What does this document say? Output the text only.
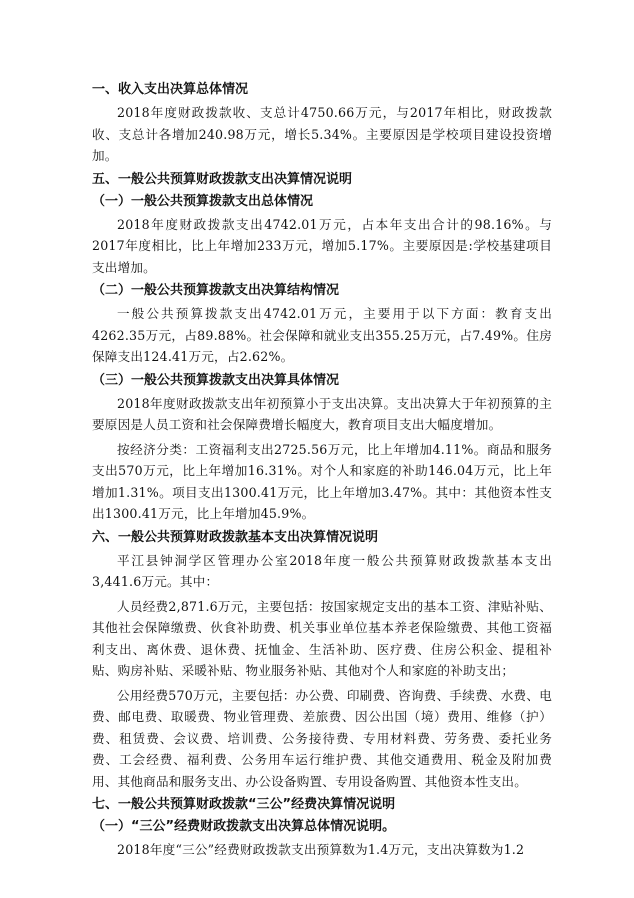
一、收入支出决算总体情况
2018年度财政拨款收、支总计4750.66万元，与2017年相比，财政拨款收、支总计各增加240.98万元，增长5.34%。主要原因是学校项目建设投资增加。
五、一般公共预算财政拨款支出决算情况说明
（一）一般公共预算拨款支出总体情况
2018年度财政拨款支出4742.01万元，占本年支出合计的98.16%。与2017年度相比，比上年增加233万元，增加5.17%。主要原因是:学校基建项目支出增加。
（二）一般公共预算拨款支出决算结构情况
一般公共预算拨款支出4742.01万元，主要用于以下方面：教育支出4262.35万元，占89.88%。社会保障和就业支出355.25万元，占7.49%。住房保障支出124.41万元，占2.62%。
（三）一般公共预算拨款支出决算具体情况
2018年度财政拨款支出年初预算小于支出决算。支出决算大于年初预算的主要原因是人员工资和社会保障费增长幅度大，教育项目支出大幅度增加。
按经济分类：工资福利支出2725.56万元，比上年增加4.11%。商品和服务支出570万元，比上年增加16.31%。对个人和家庭的补助146.04万元，比上年增加1.31%。项目支出1300.41万元，比上年增加3.47%。其中：其他资本性支出1300.41万元，比上年增加45.9%。
六、一般公共预算财政拨款基本支出决算情况说明
平江县钟洞学区管理办公室2018年度一般公共预算财政拨款基本支出3,441.6万元。其中：
人员经费2,871.6万元，主要包括：按国家规定支出的基本工资、津贴补贴、其他社会保障缴费、伙食补助费、机关事业单位基本养老保险缴费、其他工资福利支出、离休费、退休费、抚恤金、生活补助、医疗费、住房公积金、提租补贴、购房补贴、采暖补贴、物业服务补贴、其他对个人和家庭的补助支出；
公用经费570万元，主要包括：办公费、印刷费、咨询费、手续费、水费、电费、邮电费、取暖费、物业管理费、差旅费、因公出国（境）费用、维修（护）费、租赁费、会议费、培训费、公务接待费、专用材料费、劳务费、委托业务费、工会经费、福利费、公务用车运行维护费、其他交通费用、税金及附加费用、其他商品和服务支出、办公设备购置、专用设备购置、其他资本性支出。
七、一般公共预算财政拨款“三公”经费决算情况说明
（一）“三公”经费财政拨款支出决算总体情况说明。
2018年度“三公”经费财政拨款支出预算数为1.4万元，支出决算数为1.2
